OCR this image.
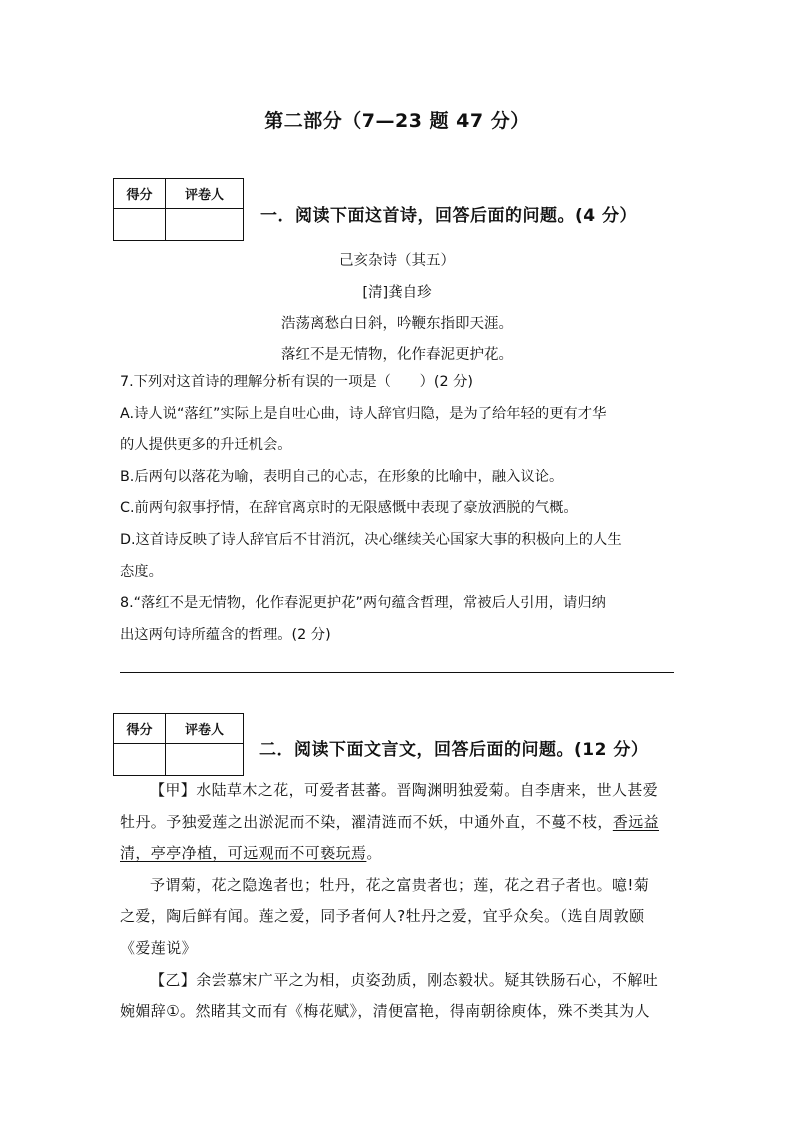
第二部分（7—23 题 47 分）
得分	评卷人

一．阅读下面这首诗，回答后面的问题。(4 分）
己亥杂诗（其五）
[清]龚自珍
浩荡离愁白日斜，吟鞭东指即天涯。
落红不是无情物，化作春泥更护花。
7.下列对这首诗的理解分析有误的一项是（　　）(2 分)
A.诗人说“落红”实际上是自吐心曲，诗人辞官归隐，是为了给年轻的更有才华
的人提供更多的升迁机会。
B.后两句以落花为喻，表明自己的心志，在形象的比喻中，融入议论。
C.前两句叙事抒情，在辞官离京时的无限感慨中表现了豪放洒脱的气概。
D.这首诗反映了诗人辞官后不甘消沉，决心继续关心国家大事的积极向上的人生
态度。
8.“落红不是无情物，化作春泥更护花”两句蕴含哲理，常被后人引用，请归纳
出这两句诗所蕴含的哲理。(2 分)
得分	评卷人

二．阅读下面文言文，回答后面的问题。(12 分）
【甲】水陆草木之花，可爱者甚蕃。晋陶渊明独爱菊。自李唐来，世人甚爱
牡丹。予独爱莲之出淤泥而不染，濯清涟而不妖，中通外直，不蔓不枝，香远益
清，亭亭净植，可远观而不可亵玩焉。
予谓菊，花之隐逸者也；牡丹，花之富贵者也；莲，花之君子者也。噫!菊
之爱，陶后鲜有闻。莲之爱，同予者何人?牡丹之爱，宜乎众矣。（选自周敦颐
《爱莲说》
【乙】余尝慕宋广平之为相，贞姿劲质，刚态毅状。疑其铁肠石心，不解吐
婉媚辞①。然睹其文而有《梅花赋》，清便富艳，得南朝徐庾体，殊不类其为人
